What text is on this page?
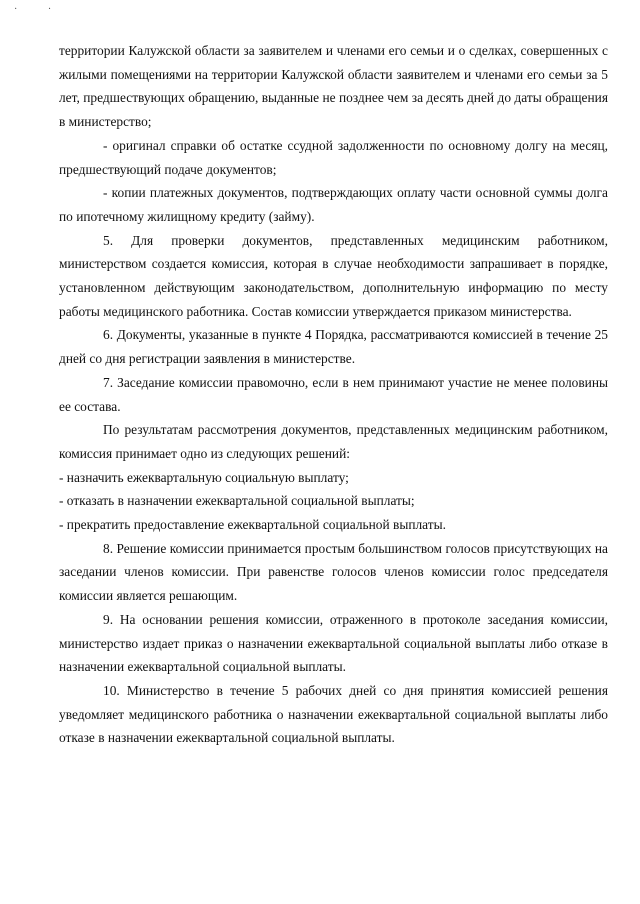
· ·

территории Калужской области за заявителем и членами его семьи и о сделках, совершенных с жилыми помещениями на территории Калужской области заявителем и членами его семьи за 5 лет, предшествующих обращению, выданные не позднее чем за десять дней до даты обращения в министерство;

- оригинал справки об остатке ссудной задолженности по основному долгу на месяц, предшествующий подаче документов;

- копии платежных документов, подтверждающих оплату части основной суммы долга по ипотечному жилищному кредиту (займу).

5. Для проверки документов, представленных медицинским работником, министерством создается комиссия, которая в случае необходимости запрашивает в порядке, установленном действующим законодательством, дополнительную информацию по месту работы медицинского работника. Состав комиссии утверждается приказом министерства.

6. Документы, указанные в пункте 4 Порядка, рассматриваются комиссией в течение 25 дней со дня регистрации заявления в министерстве.

7. Заседание комиссии правомочно, если в нем принимают участие не менее половины ее состава.

По результатам рассмотрения документов, представленных медицинским работником, комиссия принимает одно из следующих решений:

- назначить ежеквартальную социальную выплату;

- отказать в назначении ежеквартальной социальной выплаты;

- прекратить предоставление ежеквартальной социальной выплаты.

8. Решение комиссии принимается простым большинством голосов присутствующих на заседании членов комиссии. При равенстве голосов членов комиссии голос председателя комиссии является решающим.

9. На основании решения комиссии, отраженного в протоколе заседания комиссии, министерство издает приказ о назначении ежеквартальной социальной выплаты либо отказе в назначении ежеквартальной социальной выплаты.

10. Министерство в течение 5 рабочих дней со дня принятия комиссией решения уведомляет медицинского работника о назначении ежеквартальной социальной выплаты либо отказе в назначении ежеквартальной социальной выплаты.
